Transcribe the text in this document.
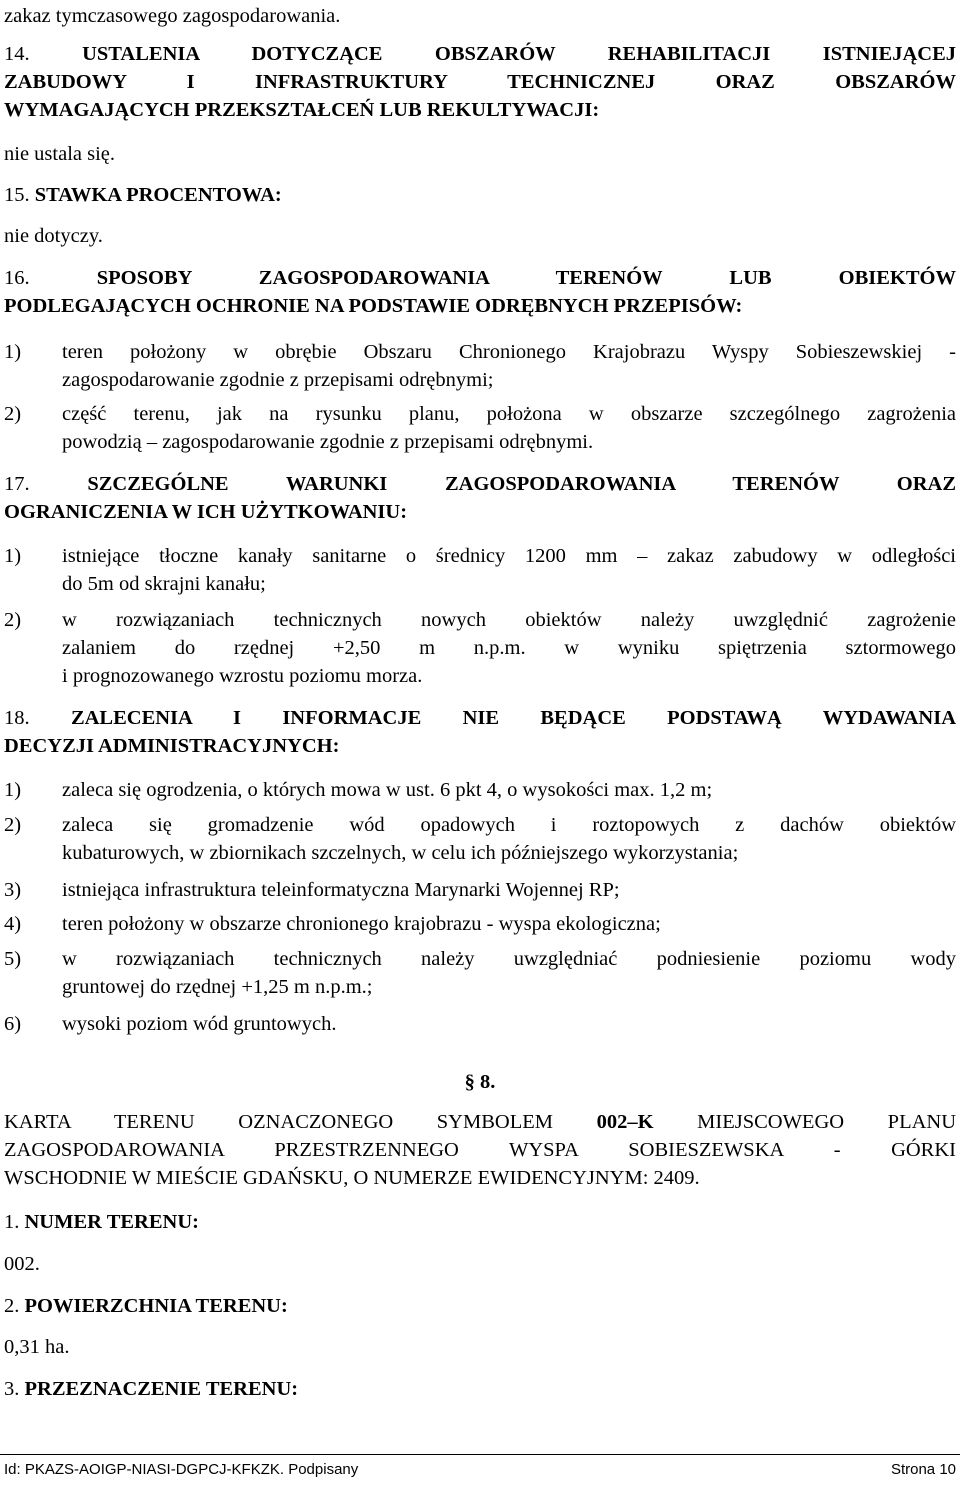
zakaz tymczasowego zagospodarowania.
14.	USTALENIA DOTYCZĄCE OBSZARÓW REHABILITACJI ISTNIEJĄCEJ
ZABUDOWY I INFRASTRUKTURY TECHNICZNEJ ORAZ OBSZARÓW
WYMAGAJĄCYCH PRZEKSZTAŁCEŃ LUB REKULTYWACJI:
nie ustala się.
15. STAWKA PROCENTOWA:
nie dotyczy.
16.	SPOSOBY ZAGOSPODAROWANIA TERENÓW LUB OBIEKTÓW
PODLEGAJĄCYCH OCHRONIE NA PODSTAWIE ODRĘBNYCH PRZEPISÓW:
1) teren położony w obrębie Obszaru Chronionego Krajobrazu Wyspy Sobieszewskiej -
zagospodarowanie zgodnie z przepisami odrębnymi;
2) część terenu, jak na rysunku planu, położona w obszarze szczególnego zagrożenia
powodzią – zagospodarowanie zgodnie z przepisami odrębnymi.
17.	SZCZEGÓLNE WARUNKI ZAGOSPODAROWANIA TERENÓW ORAZ
OGRANICZENIA W ICH UŻYTKOWANIU:
1) istniejące tłoczne kanały sanitarne o średnicy 1200 mm – zakaz zabudowy w odległości
do 5m od skrajni kanału;
2) w rozwiązaniach technicznych nowych obiektów należy uwzględnić zagrożenie
zalaniem do rzędnej +2,50 m n.p.m. w wyniku spiętrzenia sztormowego
i prognozowanego wzrostu poziomu morza.
18. ZALECENIA I INFORMACJE NIE BĘDĄCE PODSTAWĄ WYDAWANIA
DECYZJI ADMINISTRACYJNYCH:
1) zaleca się ogrodzenia, o których mowa w ust. 6 pkt 4, o wysokości max. 1,2 m;
2) zaleca się gromadzenie wód opadowych i roztopowych z dachów obiektów
kubaturowych, w zbiornikach szczelnych, w celu ich późniejszego wykorzystania;
3) istniejąca infrastruktura teleinformatyczna Marynarki Wojennej RP;
4) teren położony w obszarze chronionego krajobrazu - wyspa ekologiczna;
5) w rozwiązaniach technicznych należy uwzględniać podniesienie poziomu wody
gruntowej do rzędnej +1,25 m n.p.m.;
6) wysoki poziom wód gruntowych.
§ 8.
KARTA TERENU OZNACZONEGO SYMBOLEM 002–K MIEJSCOWEGO PLANU
ZAGOSPODAROWANIA PRZESTRZENNEGO WYSPA SOBIESZEWSKA - GÓRKI
WSCHODNIE W MIEŚCIE GDAŃSKU, O NUMERZE EWIDENCYJNYM: 2409.
1. NUMER TERENU:
002.
2. POWIERZCHNIA TERENU:
0,31 ha.
3. PRZEZNACZENIE TERENU:
Id: PKAZS-AOIGP-NIASI-DGPCJ-KFKZK. Podpisany	Strona 10
